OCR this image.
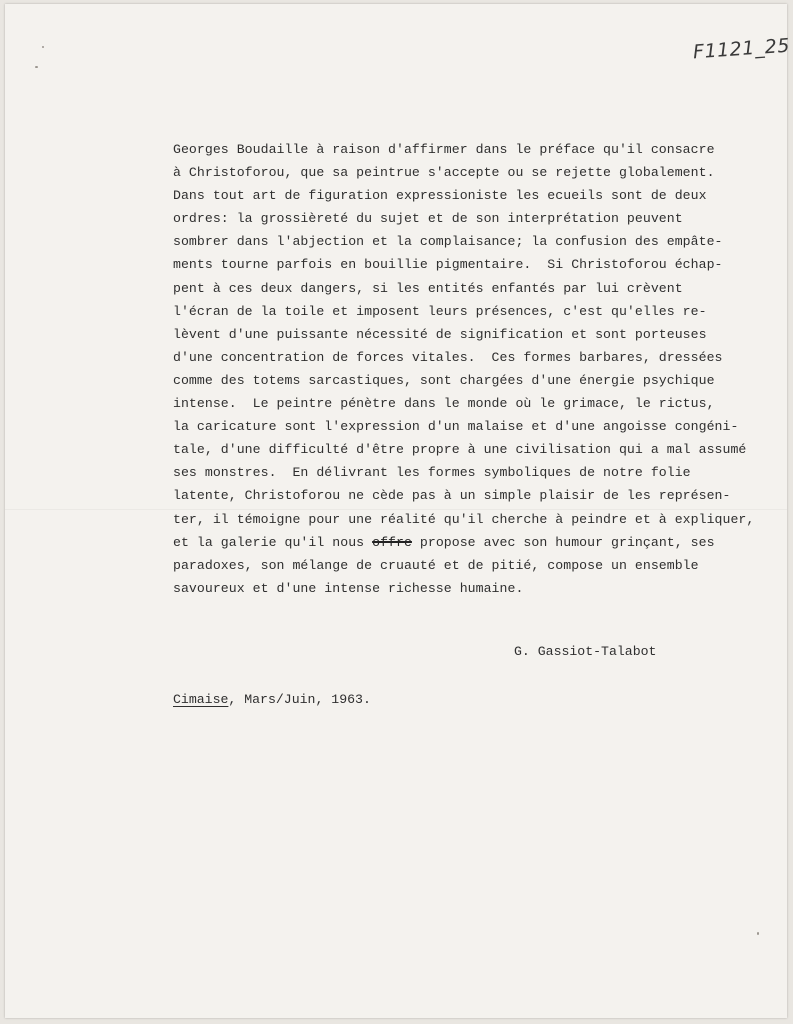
F1121_25
Georges Boudaille à raison d'affirmer dans le préface qu'il consacre
à Christoforou, que sa peintrue s'accepte ou se rejette globalement.
Dans tout art de figuration expressioniste les ecueils sont de deux
ordres: la grossièreté du sujet et de son interprétation peuvent
sombrer dans l'abjection et la complaisance; la confusion des empâte-
ments tourne parfois en bouillie pigmentaire.  Si Christoforou échap-
pent à ces deux dangers, si les entités enfantés par lui crèvent
l'écran de la toile et imposent leurs présences, c'est qu'elles re-
lèvent d'une puissante nécessité de signification et sont porteuses
d'une concentration de forces vitales.  Ces formes barbares, dressées
comme des totems sarcastiques, sont chargées d'une énergie psychique
intense.  Le peintre pénètre dans le monde où le grimace, le rictus,
la caricature sont l'expression d'un malaise et d'une angoisse congéni-
tale, d'une difficulté d'être propre à une civilisation qui a mal assumé
ses monstres.  En délivrant les formes symboliques de notre folie
latente, Christoforou ne cède pas à un simple plaisir de les représen-
ter, il témoigne pour une réalité qu'il cherche à peindre et à expliquer,
et la galerie qu'il nous offre propose avec son humour grinçant, ses
paradoxes, son mélange de cruauté et de pitié, compose un ensemble
savoureux et d'une intense richesse humaine.
G. Gassiot-Talabot
Cimaise, Mars/Juin, 1963.
